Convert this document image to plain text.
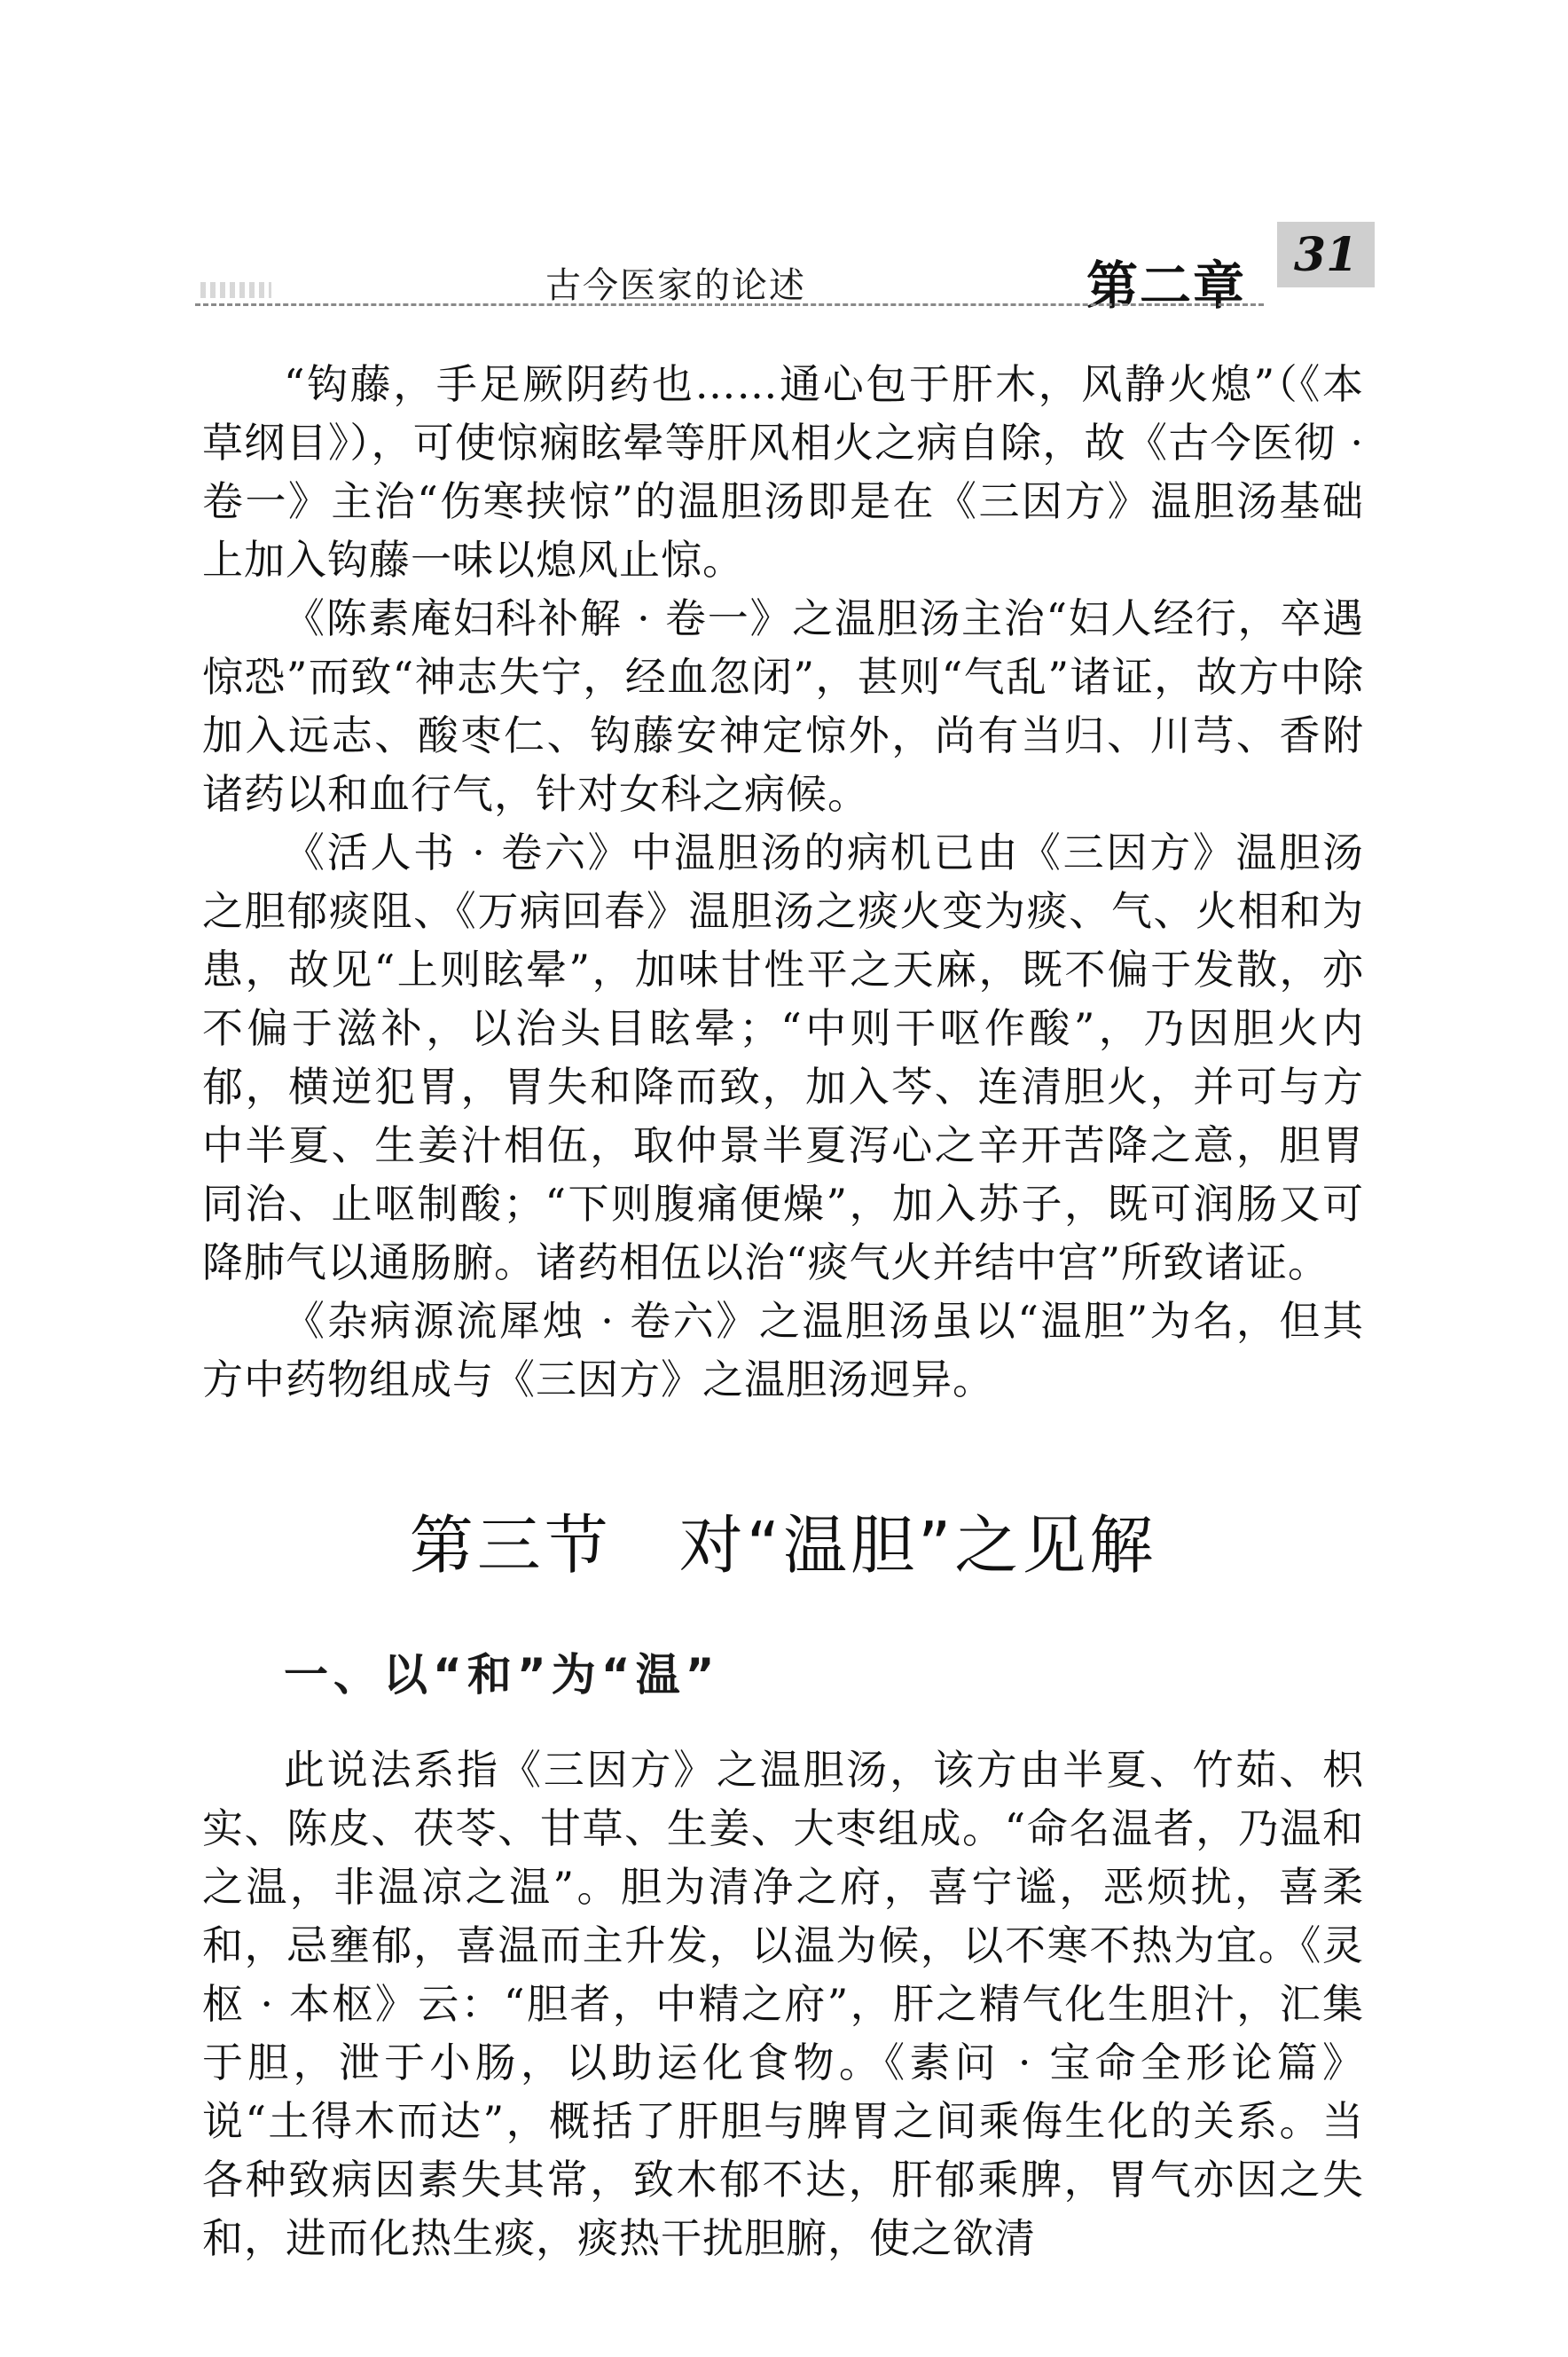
古今医家的论述	第二章
31

“钩藤，手足厥阴药也……通心包于肝木，风静火熄”（《本草纲目》），可使惊痫眩晕等肝风相火之病自除，故《古今医彻 · 卷一》主治“伤寒挟惊”的温胆汤即是在《三因方》温胆汤基础上加入钩藤一味以熄风止惊。

《陈素庵妇科补解 · 卷一》之温胆汤主治“妇人经行，卒遇惊恐”而致“神志失宁，经血忽闭”，甚则“气乱”诸证，故方中除加入远志、酸枣仁、钩藤安神定惊外，尚有当归、川芎、香附诸药以和血行气，针对女科之病候。

《活人书 · 卷六》中温胆汤的病机已由《三因方》温胆汤之胆郁痰阻、《万病回春》温胆汤之痰火变为痰、气、火相和为患，故见“上则眩晕”，加味甘性平之天麻，既不偏于发散，亦不偏于滋补，以治头目眩晕；“中则干呕作酸”，乃因胆火内郁，横逆犯胃，胃失和降而致，加入芩、连清胆火，并可与方中半夏、生姜汁相伍，取仲景半夏泻心之辛开苦降之意，胆胃同治、止呕制酸；“下则腹痛便燥”，加入苏子，既可润肠又可降肺气以通肠腑。诸药相伍以治“痰气火并结中宫”所致诸证。

《杂病源流犀烛 · 卷六》之温胆汤虽以“温胆”为名，但其方中药物组成与《三因方》之温胆汤迥异。

第三节　对“温胆”之见解
一、以“和”为“温”

此说法系指《三因方》之温胆汤，该方由半夏、竹茹、枳实、陈皮、茯苓、甘草、生姜、大枣组成。“命名温者，乃温和之温，非温凉之温”。胆为清净之府，喜宁谧，恶烦扰，喜柔和，忌壅郁，喜温而主升发，以温为候，以不寒不热为宜。《灵枢 · 本枢》云：“胆者，中精之府”，肝之精气化生胆汁，汇集于胆，泄于小肠，以助运化食物。《素问 · 宝命全形论篇》说“土得木而达”，概括了肝胆与脾胃之间乘侮生化的关系。当各种致病因素失其常，致木郁不达，肝郁乘脾，胃气亦因之失和，进而化热生痰，痰热干扰胆腑，使之欲清
